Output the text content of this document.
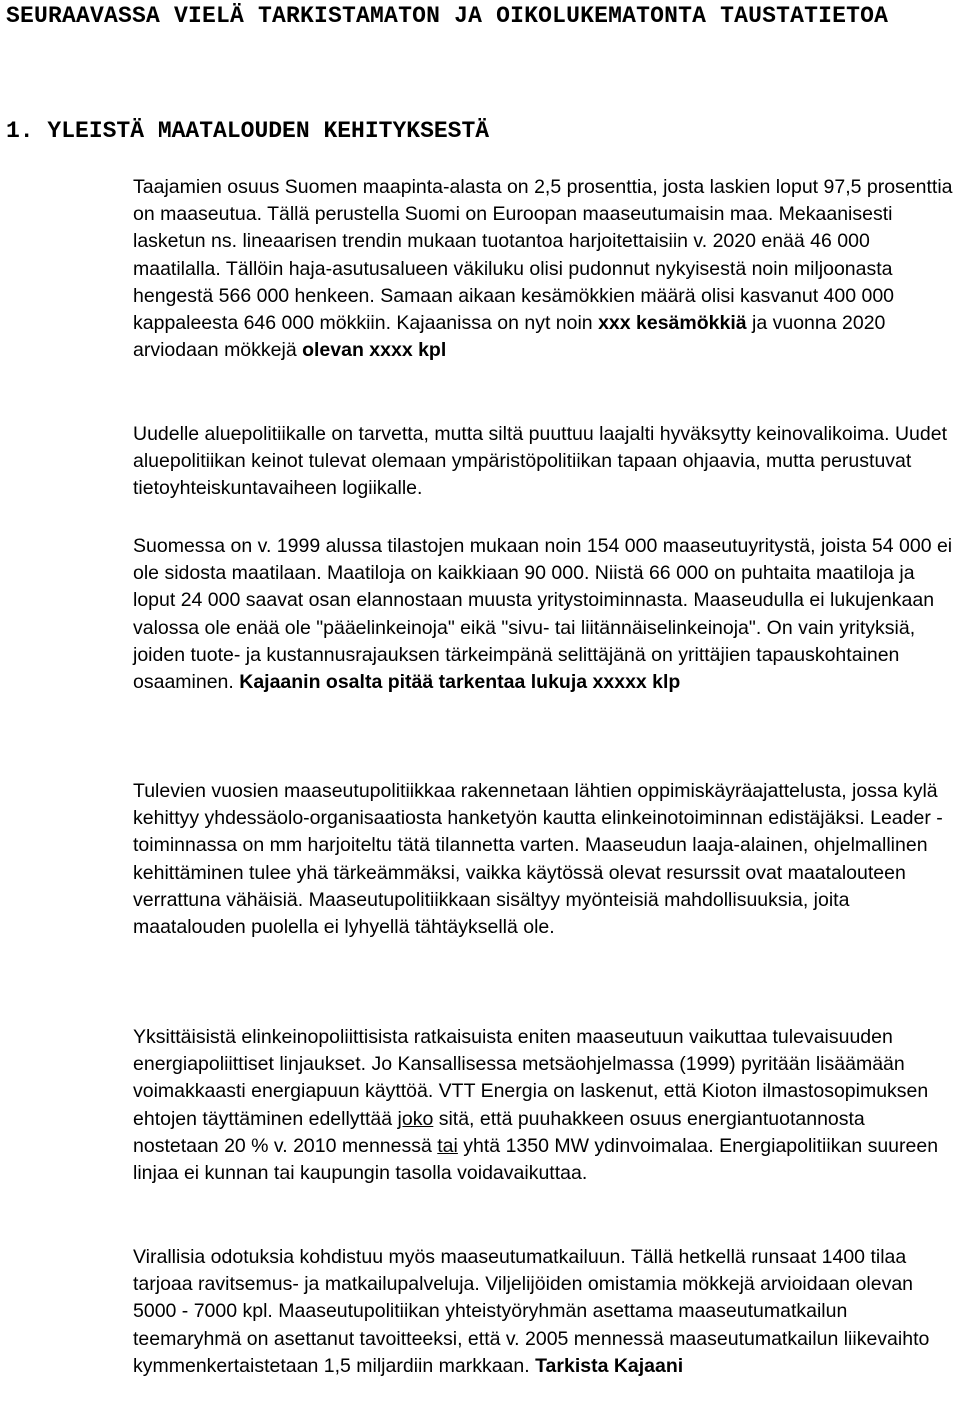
SEURAAVASSA VIELÄ TARKISTAMATON JA OIKOLUKEMATONTA TAUSTATIETOA
1. YLEISTÄ MAATALOUDEN KEHITYKSESTÄ

Taajamien osuus Suomen maapinta-alasta on 2,5 prosenttia, josta laskien loput 97,5 prosenttia on maaseutua. Tällä perustella Suomi on Euroopan maaseutumaisin maa. Mekaanisesti lasketun ns. lineaarisen trendin mukaan tuotantoa harjoitettaisiin v. 2020 enää 46 000 maatilalla. Tällöin haja-asutusalueen väkiluku olisi pudonnut nykyisestä noin miljoonasta hengestä 566 000 henkeen. Samaan aikaan kesämökkien määrä olisi kasvanut 400 000 kappaleesta 646 000 mökkiin. Kajaanissa on nyt noin xxx kesämökkiä ja vuonna 2020 arviodaan mökkejä olevan xxxx kpl

Uudelle aluepolitiikalle on tarvetta, mutta siltä puuttuu laajalti hyväksytty keinovalikoima. Uudet aluepolitiikan keinot tulevat olemaan ympäristöpolitiikan tapaan ohjaavia, mutta perustuvat tietoyhteiskuntavaiheen logiikalle.

Suomessa on v. 1999 alussa tilastojen mukaan noin 154 000 maaseutuyritystä, joista 54 000 ei ole sidosta maatilaan. Maatiloja on kaikkiaan 90 000. Niistä 66 000 on puhtaita maatiloja ja loput 24 000 saavat osan elannostaan muusta yritystoiminnasta. Maaseudulla ei lukujenkaan valossa ole enää ole "pääelinkeinoja" eikä "sivu- tai liitännäiselinkeinoja". On vain yrityksiä, joiden tuote- ja kustannusrajauksen tärkeimpänä selittäjänä on yrittäjien tapauskohtainen osaaminen. Kajaanin osalta pitää tarkentaa lukuja xxxxx klp

Tulevien vuosien maaseutupolitiikkaa rakennetaan lähtien oppimiskäyräajattelusta, jossa kylä kehittyy yhdessäolo-organisaatiosta hanketyön kautta elinkeinotoiminnan edistäjäksi. Leader -toiminnassa on mm harjoiteltu tätä tilannetta varten. Maaseudun laaja-alainen, ohjelmallinen kehittäminen tulee yhä tärkeämmäksi, vaikka käytössä olevat resurssit ovat maatalouteen verrattuna vähäisiä. Maaseutupolitiikkaan sisältyy myönteisiä mahdollisuuksia, joita maatalouden puolella ei lyhyellä tähtäyksellä ole.

Yksittäisistä elinkeinopoliittisista ratkaisuista eniten maaseutuun vaikuttaa tulevaisuuden energiapoliittiset linjaukset. Jo Kansallisessa metsäohjelmassa (1999) pyritään lisäämään voimakkaasti energiapuun käyttöä. VTT Energia on laskenut, että Kioton ilmastosopimuksen ehtojen täyttäminen edellyttää joko sitä, että puuhakkeen osuus energiantuotannosta nostetaan 20 % v. 2010 mennessä tai yhtä 1350 MW ydinvoimalaa. Energiapolitiikan suureen linjaa ei kunnan tai kaupungin tasolla voidavaikuttaa.

Virallisia odotuksia kohdistuu myös maaseutumatkailuun. Tällä hetkellä runsaat 1400 tilaa tarjoaa ravitsemus- ja matkailupalveluja. Viljelijöiden omistamia mökkejä arvioidaan olevan 5000 - 7000 kpl. Maaseutupolitiikan yhteistyöryhmän asettama maaseutumatkailun teemaryhmä on asettanut tavoitteeksi, että v. 2005 mennessä maaseutumatkailun liikevaihto kymmenkertaistetaan 1,5 miljardiin markkaan. Tarkista Kajaani
